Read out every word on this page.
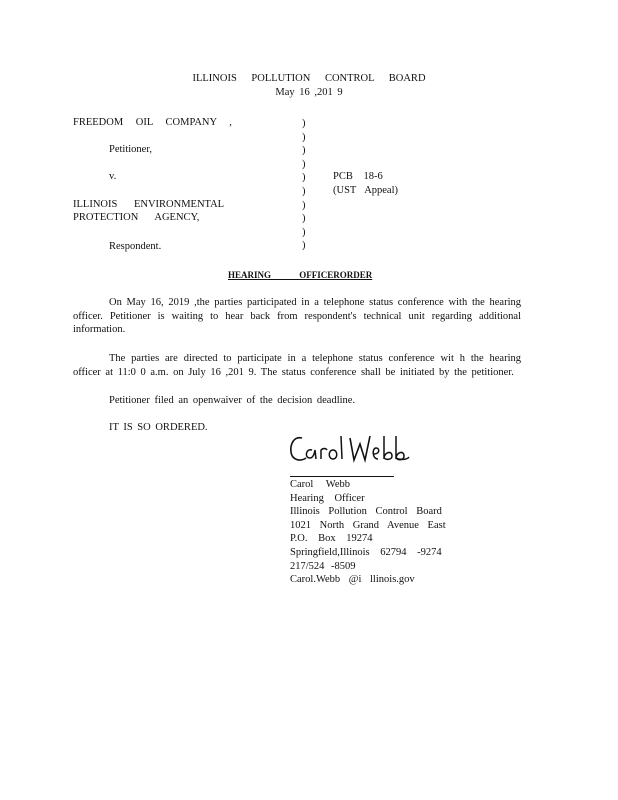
ILLINOIS POLLUTION CONTROL BOARD
May 16 ,201 9
FREEDOM OIL COMPANY ,
Petitioner,
v.
ILLINOIS ENVIRONMENTAL
PROTECTION AGENCY,
Respondent.
)
)
)
)
)
)
)
)
)
)
PCB 18-6
(UST Appeal)
HEARING OFFICERORDER
On May 16, 2019 ,the parties participated in a telephone status conference with the hearing officer. Petitioner is waiting to hear back from respondent's technical unit regarding additional information.
The parties are directed to participate in a telephone status conference wit h the hearing officer at 11:0 0 a.m. on July 16 ,201 9. The status conference shall be initiated by the petitioner.
Petitioner filed an openwaiver of the decision deadline.
IT IS SO ORDERED.
Carol Webb
Hearing Officer
Illinois Pollution Control Board
1021 North Grand Avenue East
P.O. Box 19274
Springfield,Illinois 62794 -9274
217/524 -8509
Carol.Webb @i llinois.gov
